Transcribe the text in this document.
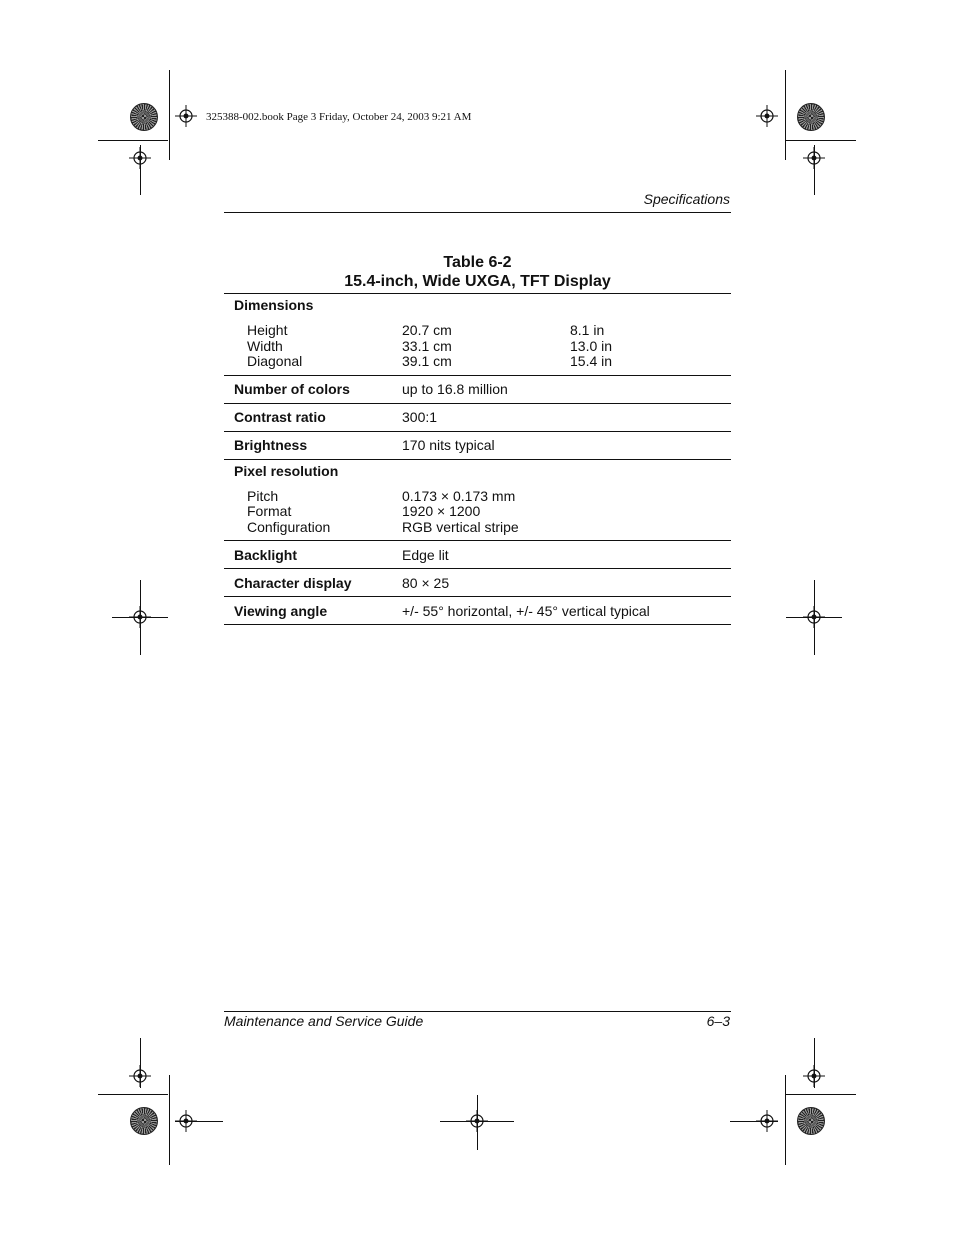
325388-002.book Page 3 Friday, October 24, 2003 9:21 AM
Specifications
Table 6-2
15.4-inch, Wide UXGA, TFT Display
Dimensions
Height	20.7 cm	8.1 in
Width	33.1 cm	13.0 in
Diagonal	39.1 cm	15.4 in
Number of colors	up to 16.8 million
Contrast ratio	300:1
Brightness	170 nits typical
Pixel resolution
Pitch	0.173 × 0.173 mm
Format	1920 × 1200
Configuration	RGB vertical stripe
Backlight	Edge lit
Character display	80 × 25
Viewing angle	+/- 55° horizontal, +/- 45° vertical typical
Maintenance and Service Guide	6–3
